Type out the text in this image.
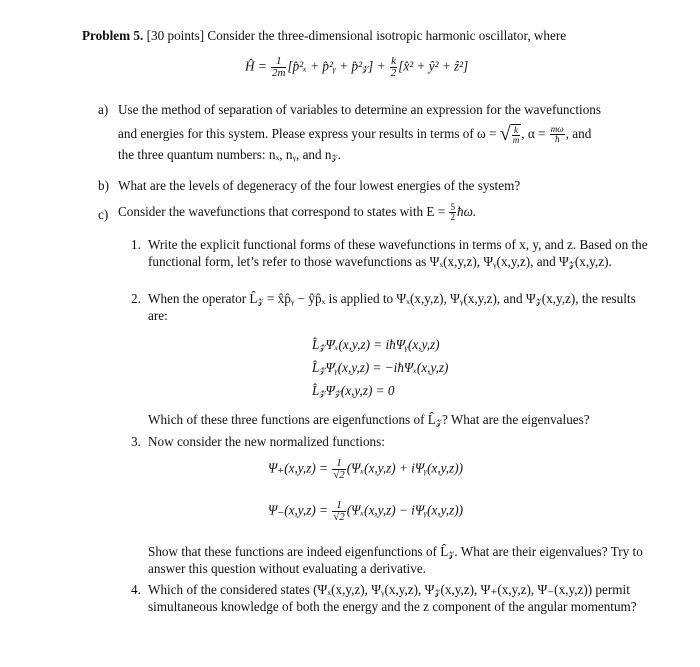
Problem 5. [30 points] Consider the three-dimensional isotropic harmonic oscillator, where
Ĥ = $\frac{1}{2m}$ [p̂²ₓ + p̂²ᵧ + p̂²𝓏] + $\frac{k}{2}$ [x̂² + ŷ² + ẑ²]
a) Use the method of separation of variables to determine an expression for the wavefunctions
and energies for this system. Please express your results in terms of ω = √ $\frac{k}{m}$ , $\alpha = \frac{m\omega}{ħ}$ , and
the three quantum numbers: nₓ, nᵧ, and n𝓏.
b) What are the levels of degeneracy of the four lowest energies of the system?
c) Consider the wavefunctions that correspond to states with $E = \frac{5}{2}$ ħω.
1. Write the explicit functional forms of these wavefunctions in terms of x, y, and z. Based on the functional form, let’s refer to those wavefunctions as Ψₓ(x,y,z), Ψᵧ(x,y,z), and Ψ𝓏(x,y,z).
2. When the operator L̂𝓏 = x̂p̂ᵧ − ŷp̂ₓ is applied to Ψₓ(x,y,z), Ψᵧ(x,y,z), and Ψ𝓏(x,y,z), the results are:
L̂𝓏Ψₓ(x,y,z) = iħΨᵧ(x,y,z)
L̂𝓏Ψᵧ(x,y,z) = −iħΨₓ(x,y,z)
L̂𝓏Ψ𝓏(x,y,z) = 0
Which of these three functions are eigenfunctions of L̂𝓏? What are the eigenvalues?
3. Now consider the new normalized functions:
$\Psi_+(x,y,z) = \frac{1}{√2} (\Psi_x(x,y,z)$ + iΨᵧ(x,y,z))
$\Psi_-(x,y,z) = \frac{1}{√2} (\Psi_x(x,y,z)$ − iΨᵧ(x,y,z))
Show that these functions are indeed eigenfunctions of L̂𝓏. What are their eigenvalues? Try to answer this question without evaluating a derivative.
4. Which of the considered states (Ψₓ(x,y,z), Ψᵧ(x,y,z), Ψ𝓏(x,y,z), Ψ₊(x,y,z), Ψ₋(x,y,z)) permit simultaneous knowledge of both the energy and the z component of the angular momentum?
